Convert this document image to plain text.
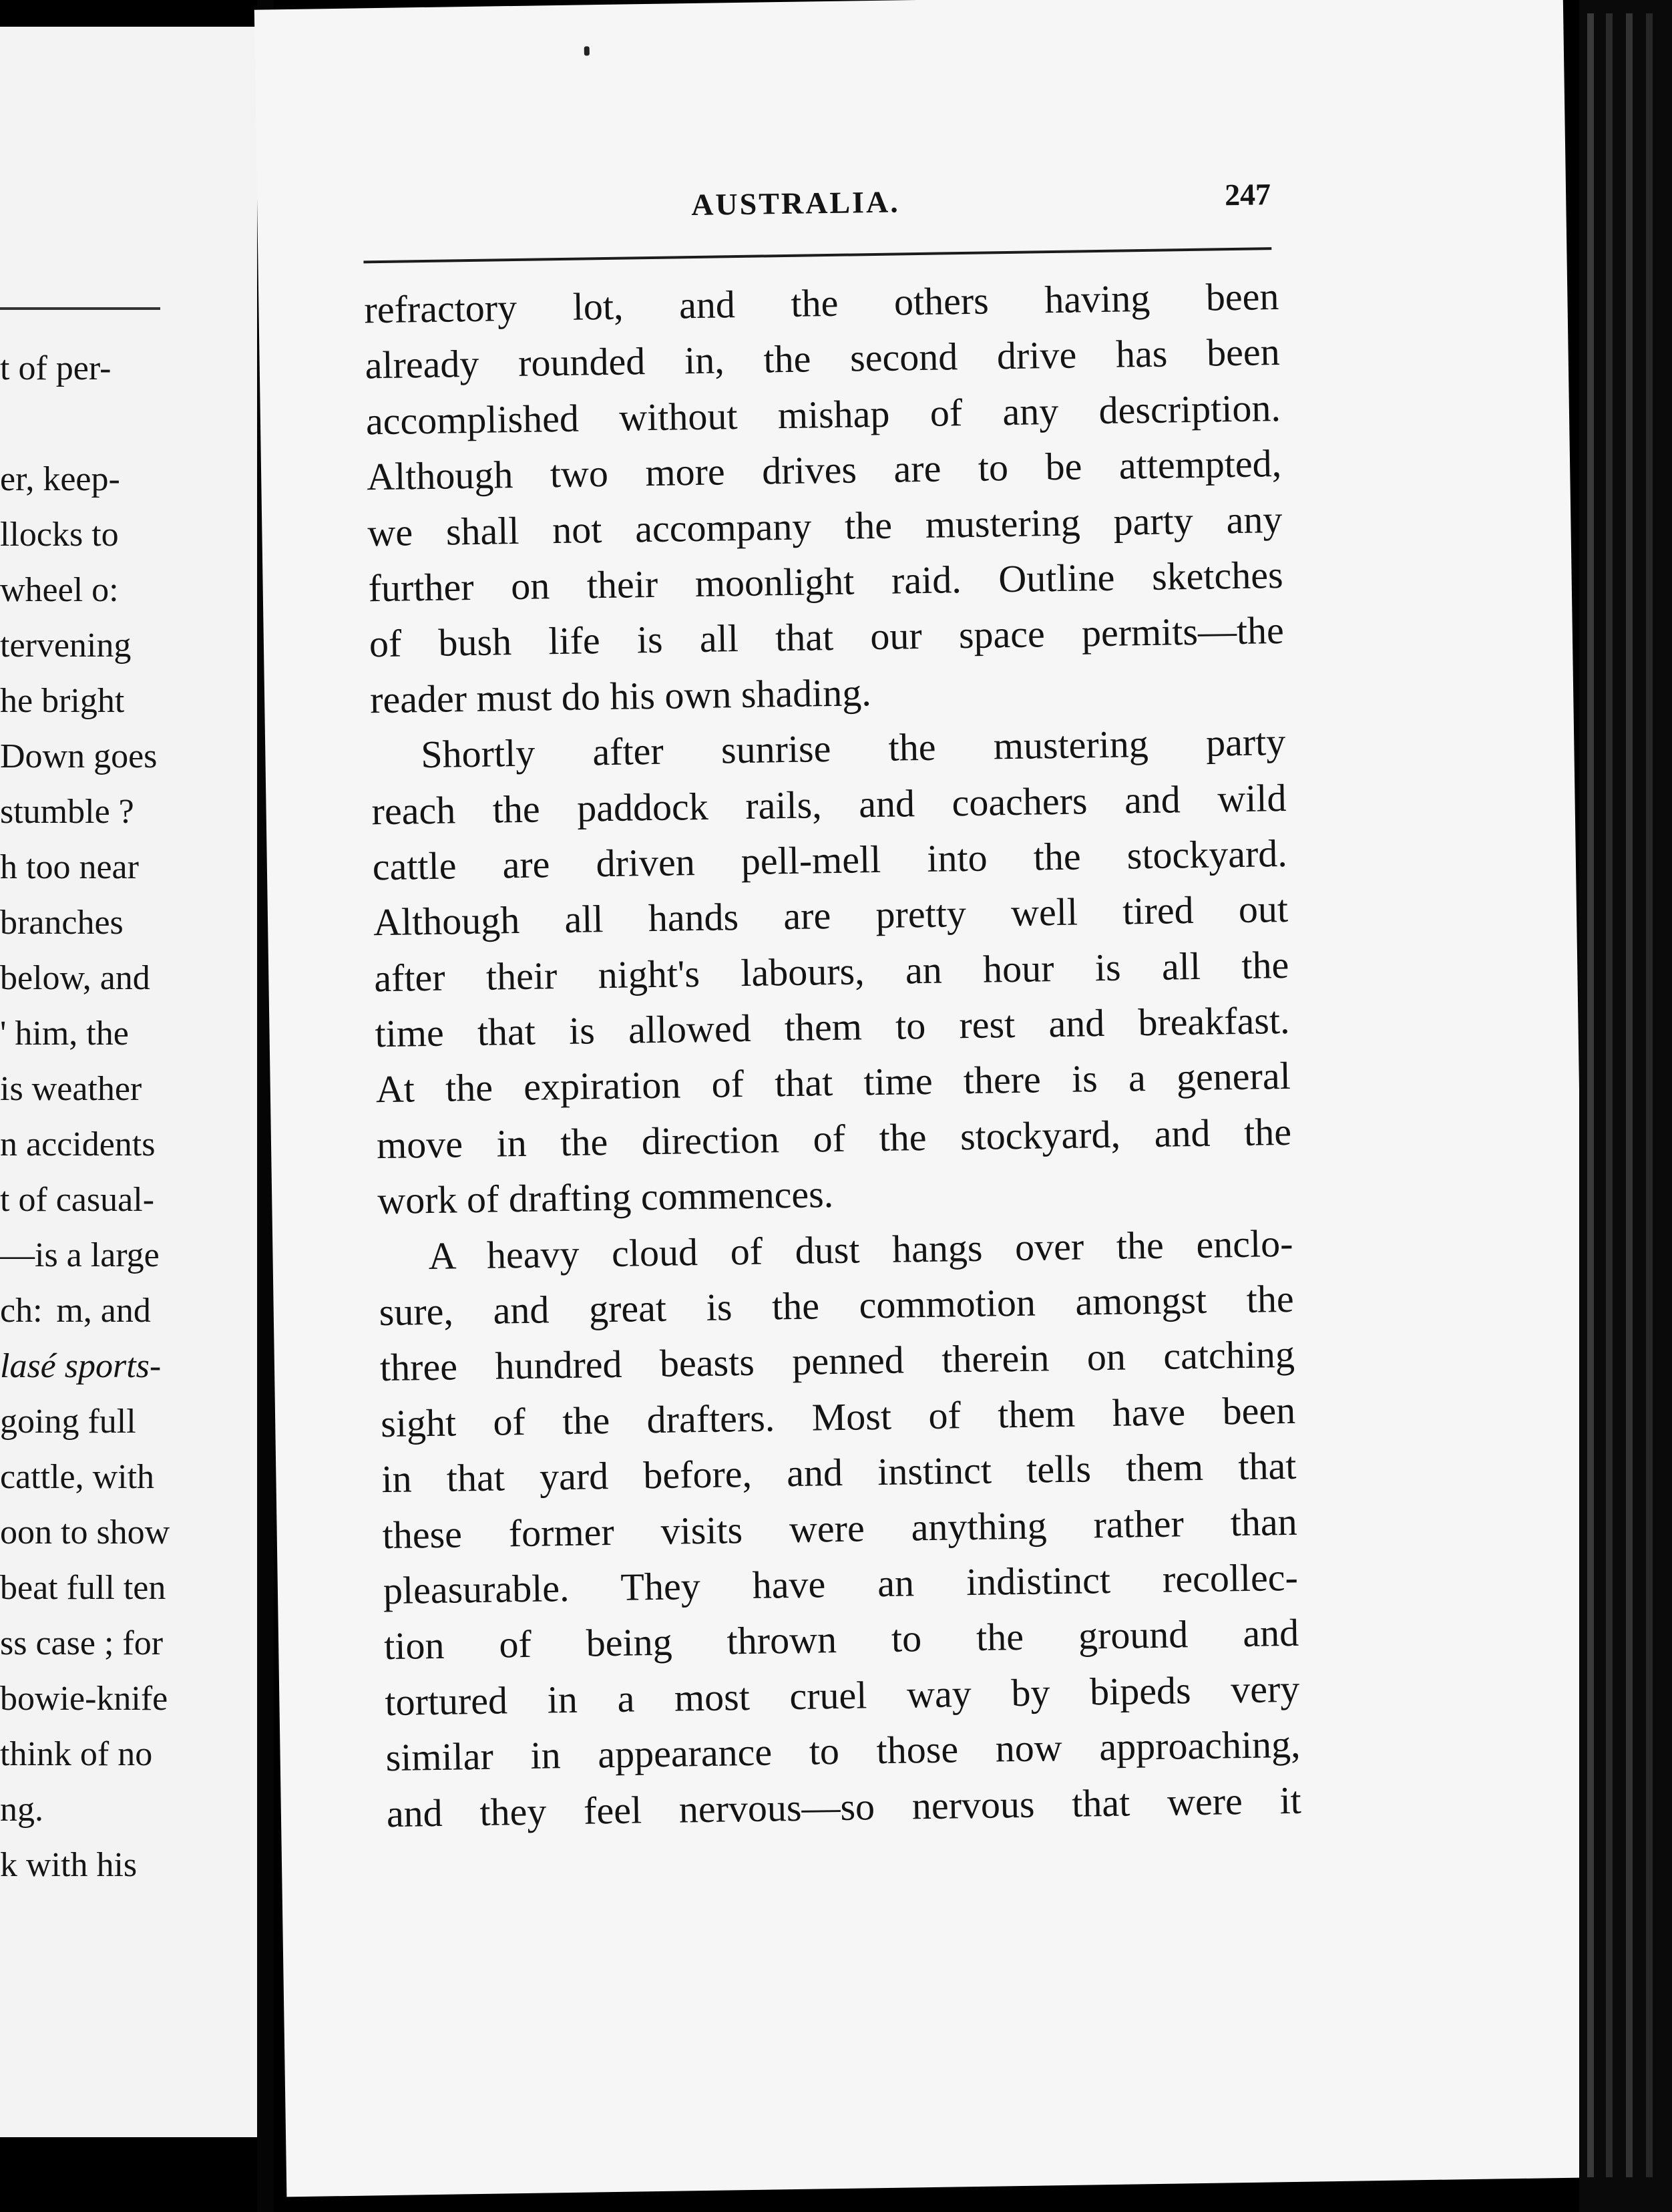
t of per-
er, keep-
llocks to
wheel o:
tervening
he bright
Down goes
stumble ?
h too near
branches
below, and
' him, the
is weather
n accidents
t of casual-
—is a large
ch:  m, and
lasé sports-
going full
cattle, with
oon to show
beat full ten
ss case ; for
bowie-knife
think of no
ng.
k with his
AUSTRALIA.	247
refractory lot, and the others having been
already rounded in, the second drive has been
accomplished without mishap of any description.
Although two more drives are to be attempted,
we shall not accompany the mustering party any
further on their moonlight raid. Outline sketches
of bush life is all that our space permits—the
reader must do his own shading.
Shortly after sunrise the mustering party
reach the paddock rails, and coachers and wild
cattle are driven pell-mell into the stockyard.
Although all hands are pretty well tired out
after their night's labours, an hour is all the
time that is allowed them to rest and breakfast.
At the expiration of that time there is a general
move in the direction of the stockyard, and the
work of drafting commences.
A heavy cloud of dust hangs over the enclo-
sure, and great is the commotion amongst the
three hundred beasts penned therein on catching
sight of the drafters. Most of them have been
in that yard before, and instinct tells them that
these former visits were anything rather than
pleasurable. They have an indistinct recollec-
tion of being thrown to the ground and
tortured in a most cruel way by bipeds very
similar in appearance to those now approaching,
and they feel nervous—so nervous that were it
